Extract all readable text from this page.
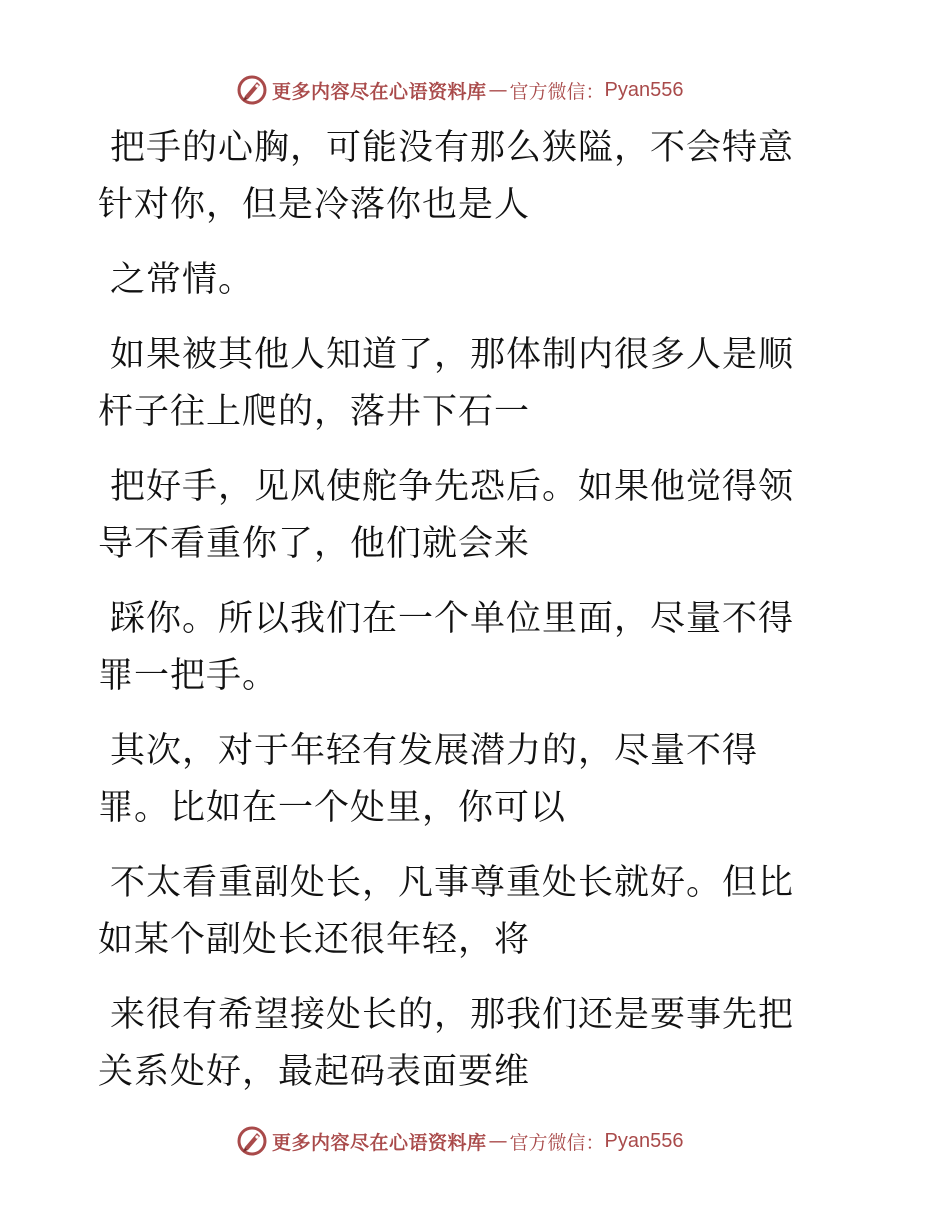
更多内容尽在心语资料库 — 官方微信： Pyan556

把手的心胸，可能没有那么狭隘，不会特意针对你，但是冷落你也是人

之常情。

如果被其他人知道了，那体制内很多人是顺杆子往上爬的，落井下石一

把好手，见风使舵争先恐后。如果他觉得领导不看重你了，他们就会来

踩你。所以我们在一个单位里面，尽量不得罪一把手。

其次，对于年轻有发展潜力的，尽量不得罪。比如在一个处里，你可以

不太看重副处长，凡事尊重处长就好。但比如某个副处长还很年轻，将

来很有希望接处长的，那我们还是要事先把关系处好，最起码表面要维

更多内容尽在心语资料库 — 官方微信： Pyan556
